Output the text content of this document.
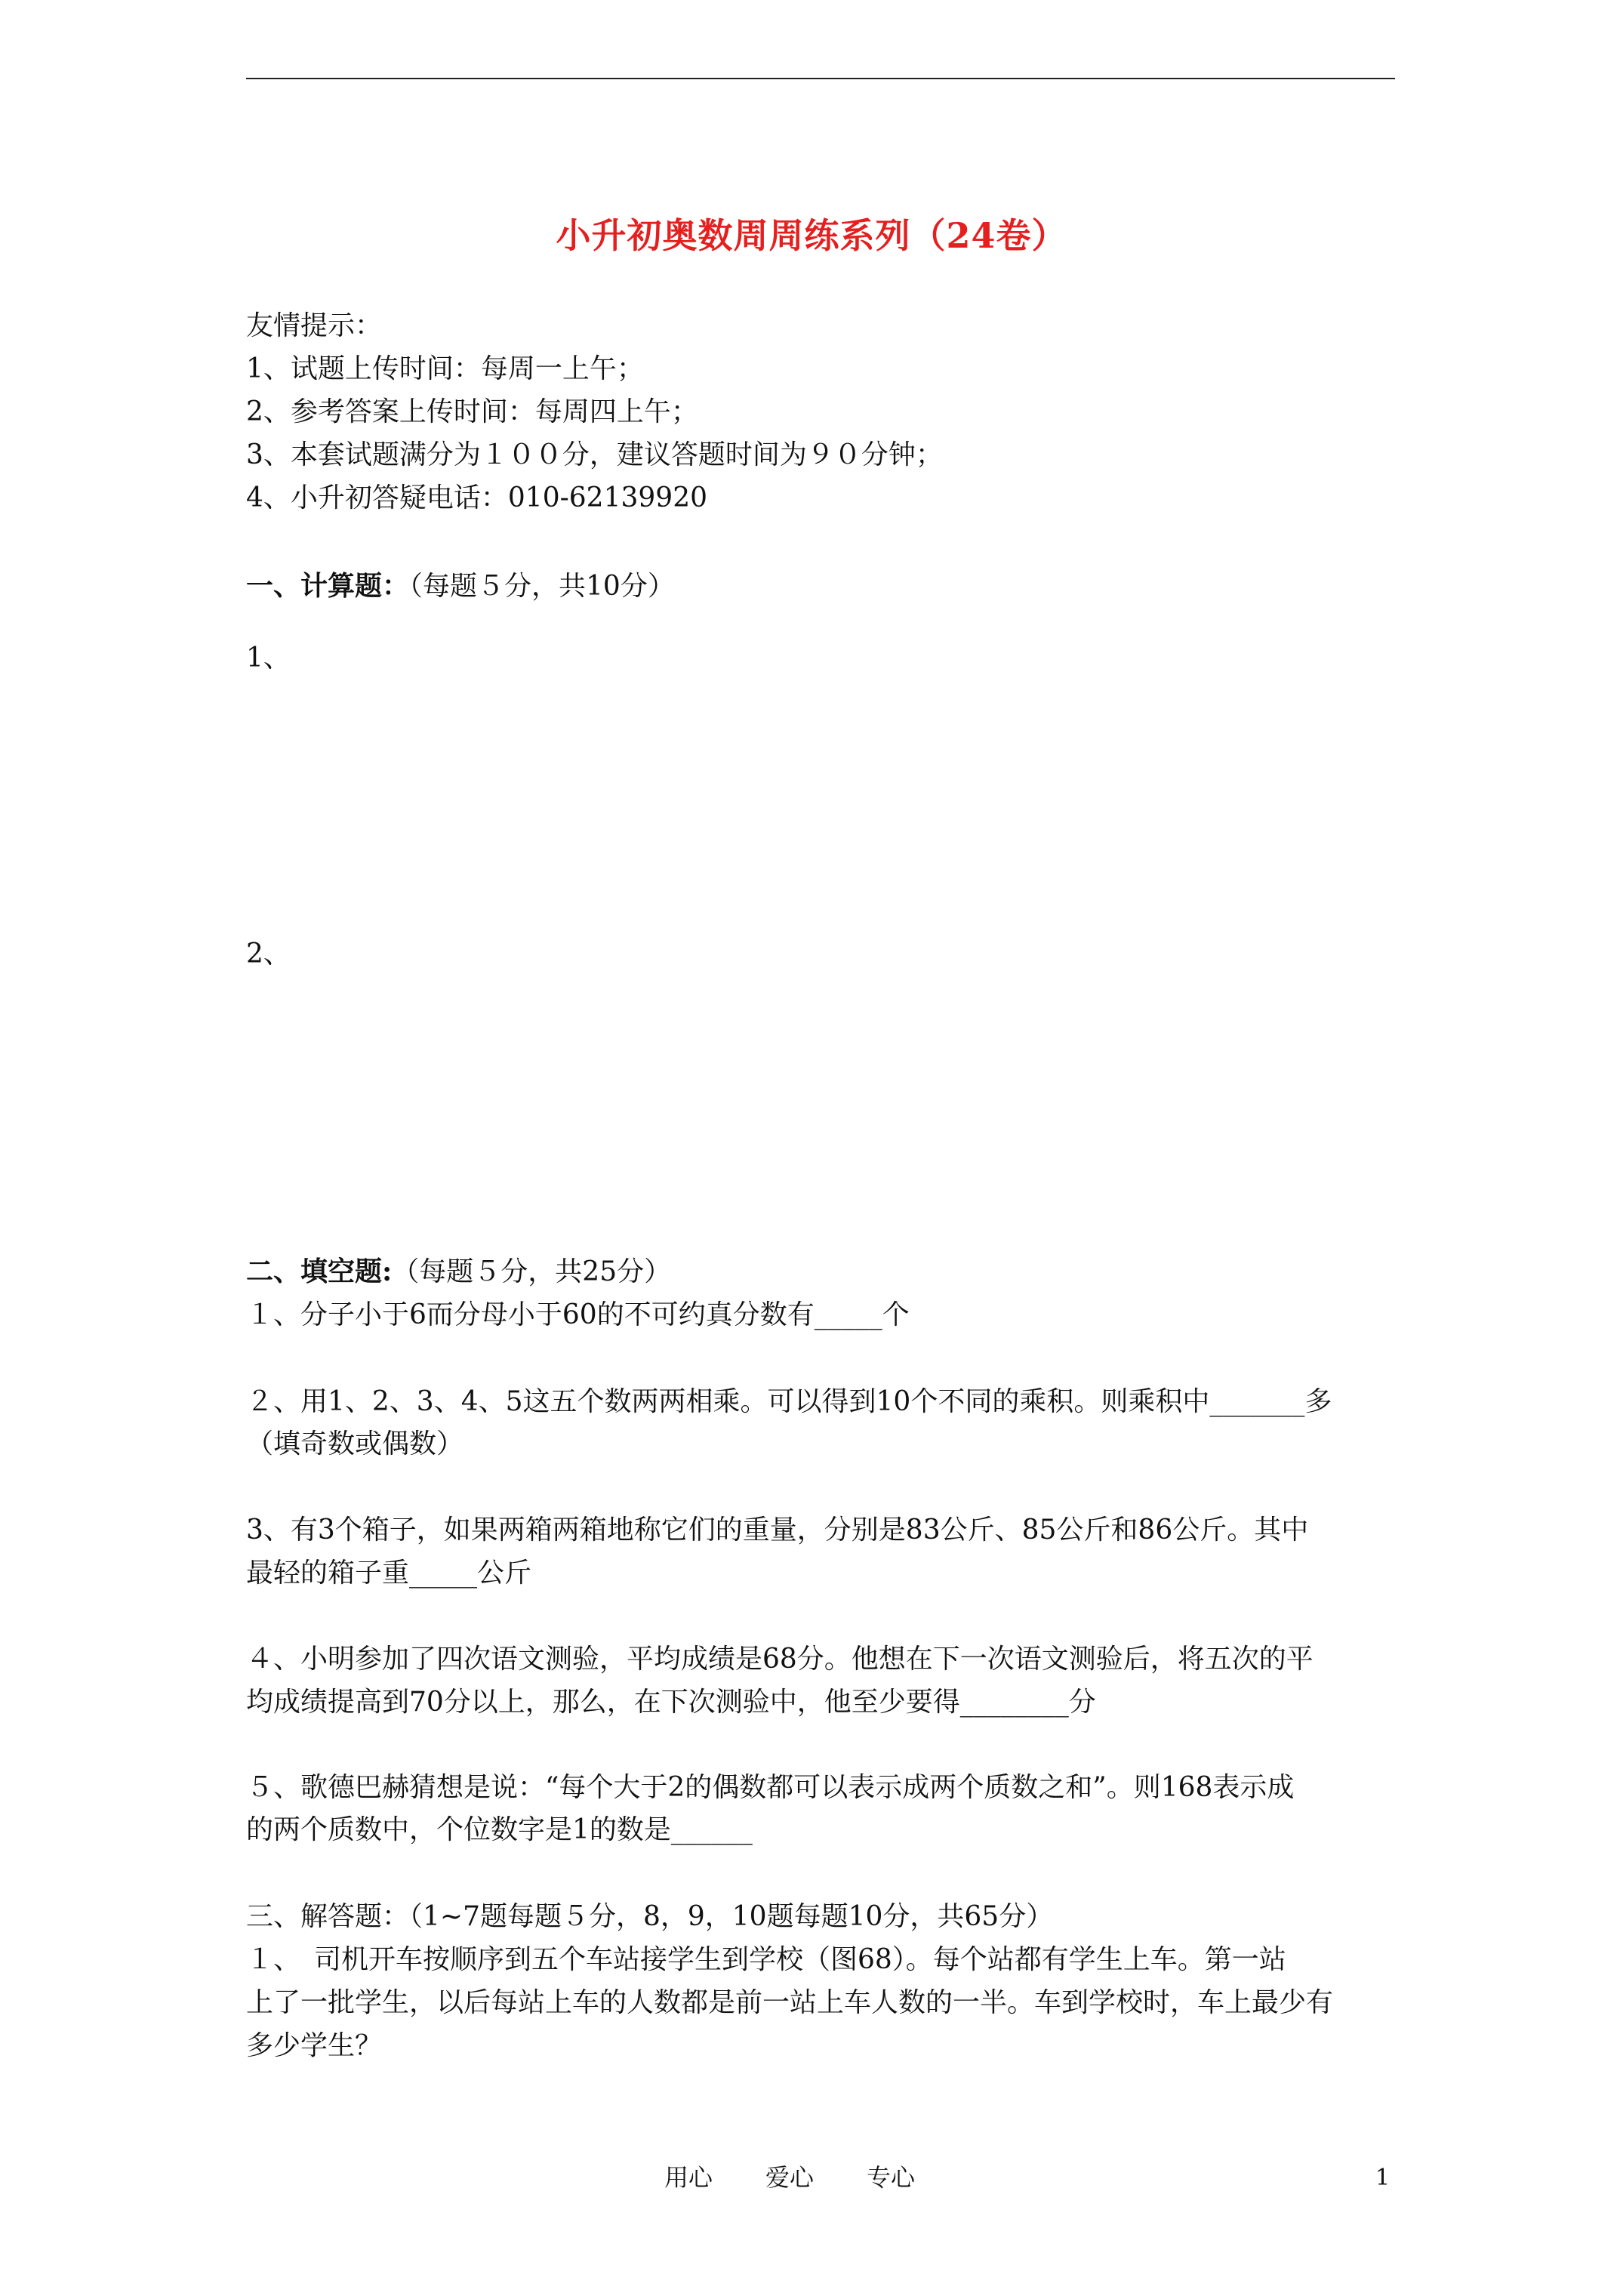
小升初奥数周周练系列（24卷）
友情提示：
1、试题上传时间：每周一上午；
2、参考答案上传时间：每周四上午；
3、本套试题满分为１００分，建议答题时间为９０分钟；
4、小升初答疑电话：010-62139920
一、计算题：（每题５分，共10分）
1、
2、
二、填空题:（每题５分，共25分）
１、分子小于6而分母小于60的不可约真分数有_____个
２、用1、2、3、4、5这五个数两两相乘。可以得到10个不同的乘积。则乘积中_______多
（填奇数或偶数）
3、有3个箱子，如果两箱两箱地称它们的重量，分别是83公斤、85公斤和86公斤。其中
最轻的箱子重_____公斤
４、小明参加了四次语文测验，平均成绩是68分。他想在下一次语文测验后，将五次的平
均成绩提高到70分以上，那么，在下次测验中，他至少要得________分
５、歌德巴赫猜想是说：“每个大于2的偶数都可以表示成两个质数之和”。则168表示成
的两个质数中，个位数字是1的数是______
三、解答题：（1~7题每题５分，8，9，10题每题10分，共65分）
１、　司机开车按顺序到五个车站接学生到学校（图68）。每个站都有学生上车。第一站
上了一批学生，以后每站上车的人数都是前一站上车人数的一半。车到学校时，车上最少有
多少学生？
用心 爱心 专心	1
